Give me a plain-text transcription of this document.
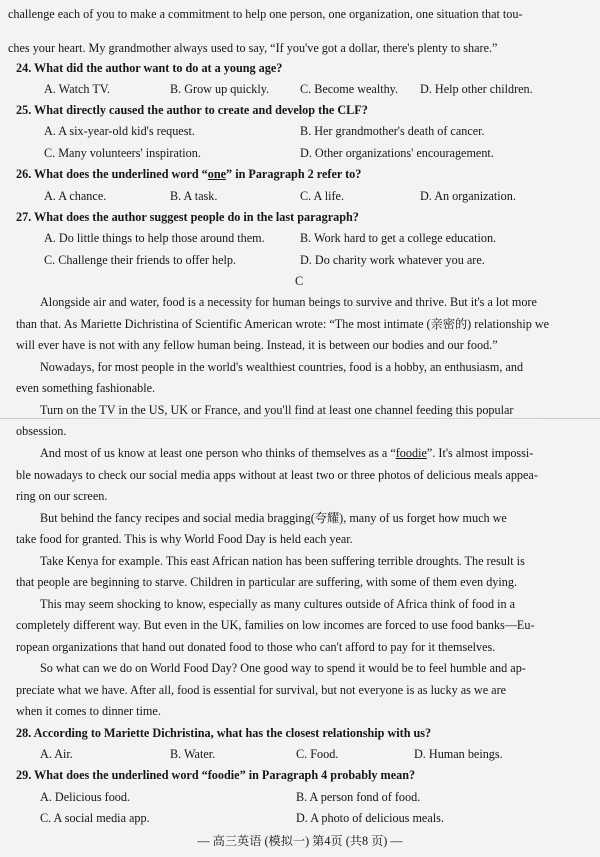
challenge each of you to make a commitment to help one person, one organization, one situation that tou-
ches your heart. My grandmother always used to say, “If you've got a dollar, there's plenty to share.”
24. What did the author want to do at a young age?
A. Watch TV.	B. Grow up quickly.	C. Become wealthy. D. Help other children.
25. What directly caused the author to create and develop the CLF?
A. A six-year-old kid's request.	B. Her grandmother's death of cancer.
C. Many volunteers' inspiration.	D. Other organizations' encouragement.
26. What does the underlined word “one” in Paragraph 2 refer to?
A. A chance.	B. A task.	C. A life.	D. An organization.
27. What does the author suggest people do in the last paragraph?
A. Do little things to help those around them.	B. Work hard to get a college education.
C. Challenge their friends to offer help.	D. Do charity work whatever you are.
C
Alongside air and water, food is a necessity for human beings to survive and thrive. But it's a lot more
than that. As Mariette Dichristina of Scientific American wrote: “The most intimate (亲密的) relationship we
will ever have is not with any fellow human being. Instead, it is between our bodies and our food.”
Nowadays, for most people in the world's wealthiest countries, food is a hobby, an enthusiasm, and
even something fashionable.
Turn on the TV in the US, UK or France, and you'll find at least one channel feeding this popular
obsession.
And most of us know at least one person who thinks of themselves as a “foodie”. It's almost impossi-
ble nowadays to check our social media apps without at least two or three photos of delicious meals appea-
ring on our screen.
But behind the fancy recipes and social media bragging(夸耀), many of us forget how much we
take food for granted. This is why World Food Day is held each year.
Take Kenya for example. This east African nation has been suffering terrible droughts. The result is
that people are beginning to starve. Children in particular are suffering, with some of them even dying.
This may seem shocking to know, especially as many cultures outside of Africa think of food in a
completely different way. But even in the UK, families on low incomes are forced to use food banks—Eu-
ropean organizations that hand out donated food to those who can't afford to pay for it themselves.
So what can we do on World Food Day? One good way to spend it would be to feel humble and ap-
preciate what we have. After all, food is essential for survival, but not everyone is as lucky as we are
when it comes to dinner time.
28. According to Mariette Dichristina, what has the closest relationship with us?
A. Air.	B. Water.	C. Food.	D. Human beings.
29. What does the underlined word “foodie” in Paragraph 4 probably mean?
A. Delicious food.	B. A person fond of food.
C. A social media app.	D. A photo of delicious meals.
— 高三英语 (模拟一) 第4页 (共8 页) —
